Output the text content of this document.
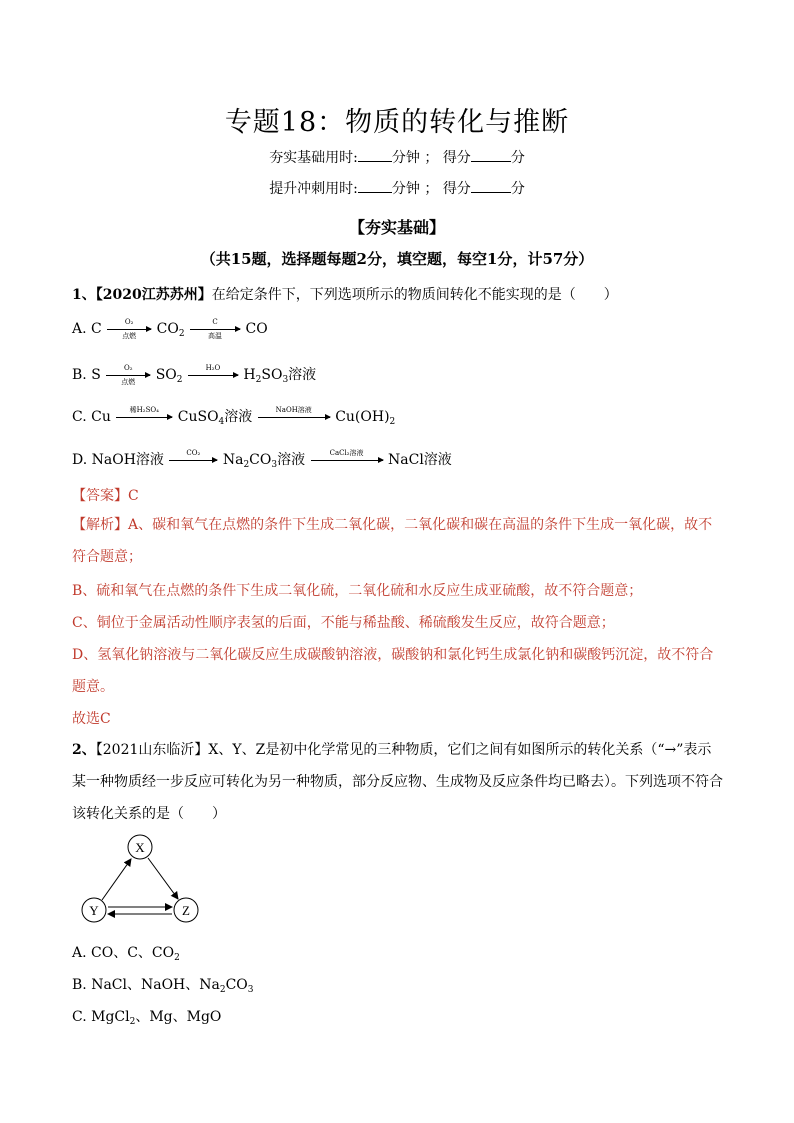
专题18：物质的转化与推断
夯实基础用时: 分钟 ； 得分	分
提升冲刺用时: 分钟 ； 得分	分
【夯实基础】
（共15题，选择题每题2分，填空题，每空1分，计57分）
1、【2020江苏苏州】在给定条件下，下列选项所示的物质间转化不能实现的是（　　）
A. C	O₂
点燃	$CO_2$
C
高温	CO
B. S	O₂
点燃	$SO_2$
H₂O	$H_2SO_3$溶液
C. Cu	稀H₂SO₄	CuSO$_4$溶液	NaOH溶液	$Cu(OH)_2$
D. NaOH溶液	CO₂	$Na_2CO_3$溶液	CaCl₂溶液	NaCl溶液
【答案】C
【解析】A、碳和氧气在点燃的条件下生成二氧化碳，二氧化碳和碳在高温的条件下生成一氧化碳，故不符合题意；
B、硫和氧气在点燃的条件下生成二氧化硫，二氧化硫和水反应生成亚硫酸，故不符合题意；
C、铜位于金属活动性顺序表氢的后面，不能与稀盐酸、稀硫酸发生反应，故符合题意；
D、氢氧化钠溶液与二氧化碳反应生成碳酸钠溶液，碳酸钠和氯化钙生成氯化钠和碳酸钙沉淀，故不符合题意。
故选C
2、【2021山东临沂】X、Y、Z是初中化学常见的三种物质，它们之间有如图所示的转化关系（“→”表示某一种物质经一步反应可转化为另一种物质，部分反应物、生成物及反应条件均已略去）。下列选项不符合该转化关系的是（　　）
X
Y	Z
A. CO、C、$CO_2$
B. NaCl、NaOH、$Na_2CO_3$
C. MgCl$_2$、Mg、MgO
